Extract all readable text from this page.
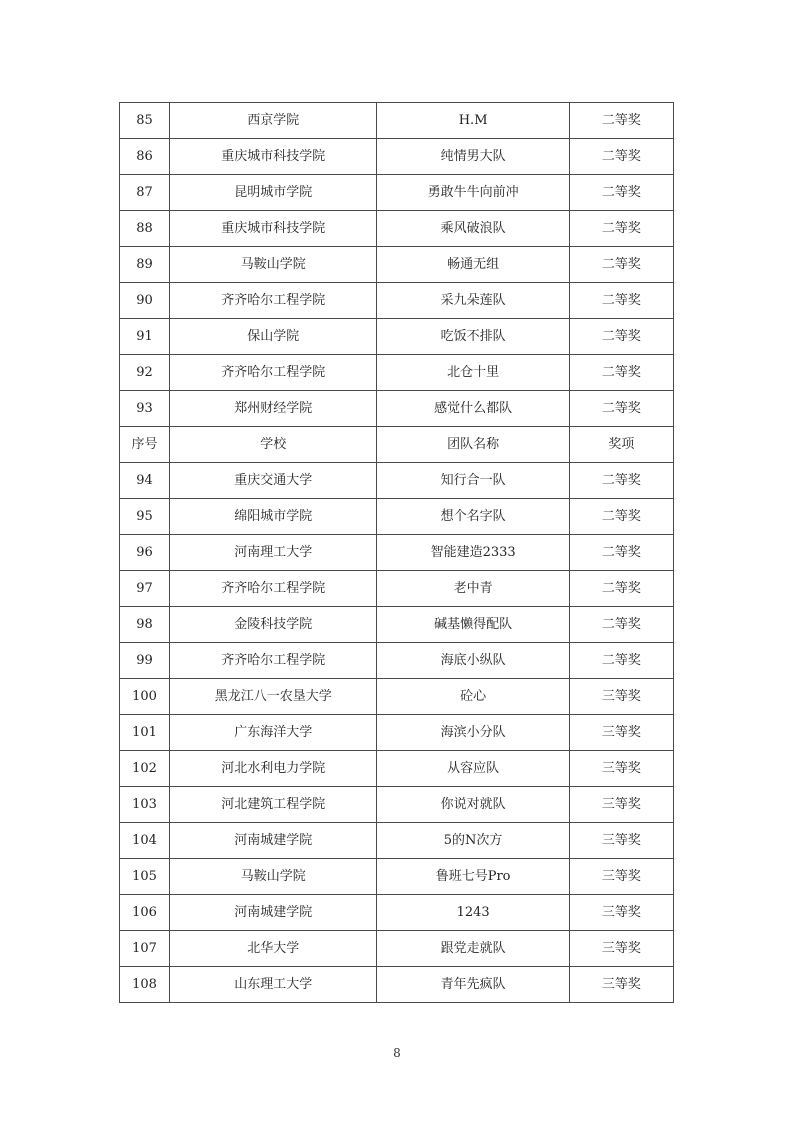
85	西京学院	H.M	二等奖
86	重庆城市科技学院	纯情男大队	二等奖
87	昆明城市学院	勇敢牛牛向前冲	二等奖
88	重庆城市科技学院	乘风破浪队	二等奖
89	马鞍山学院	畅通无组	二等奖
90	齐齐哈尔工程学院	采九朵莲队	二等奖
91	保山学院	吃饭不排队	二等奖
92	齐齐哈尔工程学院	北仓十里	二等奖
93	郑州财经学院	感觉什么都队	二等奖
序号	学校	团队名称	奖项
94	重庆交通大学	知行合一队	二等奖
95	绵阳城市学院	想个名字队	二等奖
96	河南理工大学	智能建造2333	二等奖
97	齐齐哈尔工程学院	老中青	二等奖
98	金陵科技学院	碱基懒得配队	二等奖
99	齐齐哈尔工程学院	海底小纵队	二等奖
100	黑龙江八一农垦大学	砼心	三等奖
101	广东海洋大学	海滨小分队	三等奖
102	河北水利电力学院	从容应队	三等奖
103	河北建筑工程学院	你说对就队	三等奖
104	河南城建学院	5的N次方	三等奖
105	马鞍山学院	鲁班七号Pro	三等奖
106	河南城建学院	1243	三等奖
107	北华大学	跟党走就队	三等奖
108	山东理工大学	青年先疯队	三等奖
8
